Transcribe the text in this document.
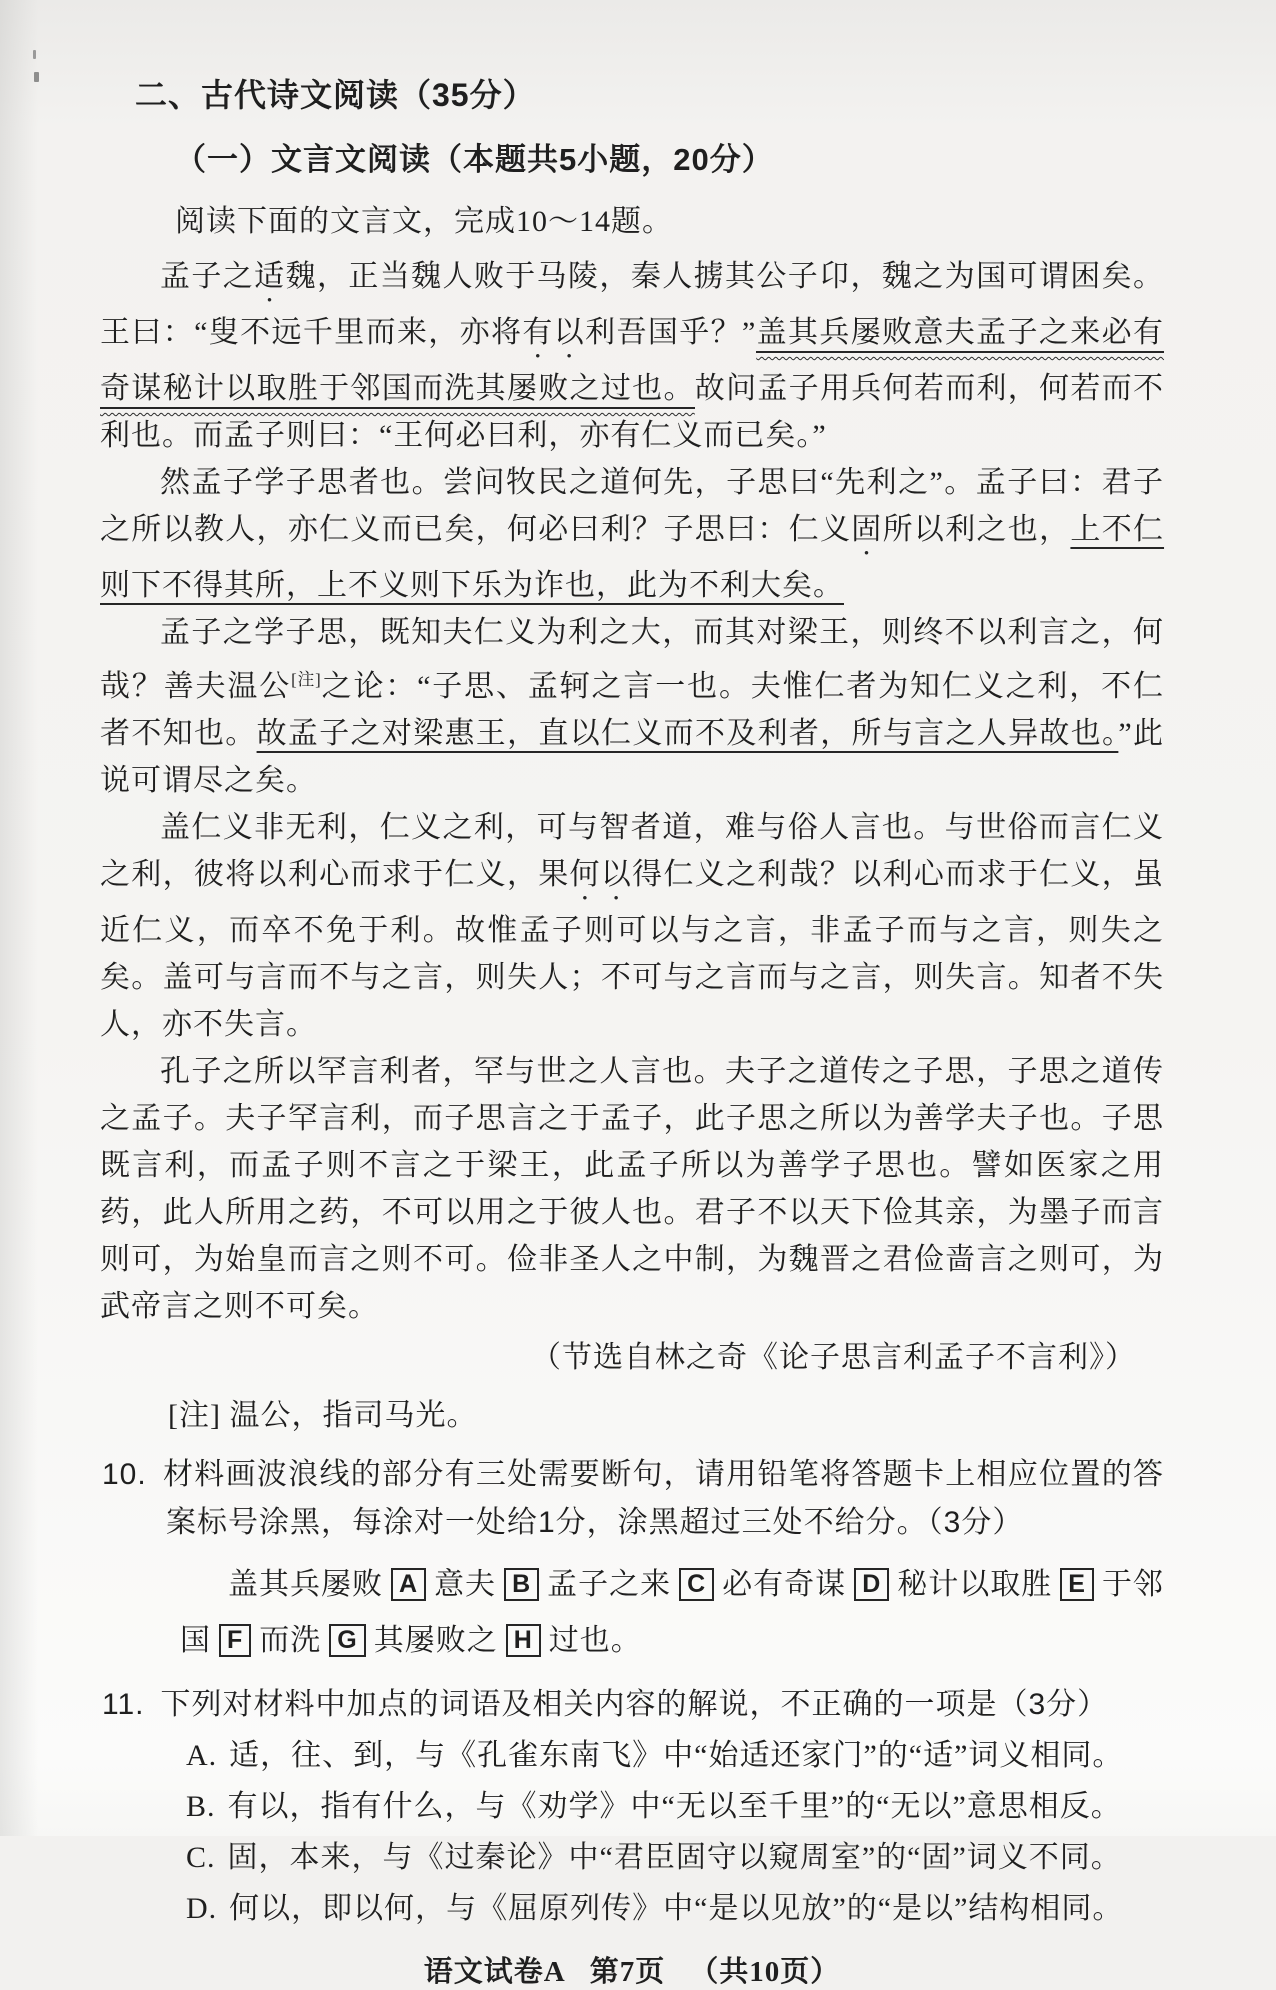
二、古代诗文阅读（35分）
（一）文言文阅读（本题共5小题，20分）
阅读下面的文言文，完成10～14题。

孟子之适魏，正当魏人败于马陵，秦人掳其公子卬，魏之为国可谓困矣。王曰：“叟不远千里而来，亦将有以利吾国乎？”盖其兵屡败意夫孟子之来必有奇谋秘计以取胜于邻国而洗其屡败之过也。故问孟子用兵何若而利，何若而不利也。而孟子则曰：“王何必曰利，亦有仁义而已矣。”

然孟子学子思者也。尝问牧民之道何先，子思曰“先利之”。孟子曰：君子之所以教人，亦仁义而已矣，何必曰利？子思曰：仁义固所以利之也，上不仁则下不得其所，上不义则下乐为诈也，此为不利大矣。

孟子之学子思，既知夫仁义为利之大，而其对梁王，则终不以利言之，何哉？善夫温公[注]之论：“子思、孟轲之言一也。夫惟仁者为知仁义之利，不仁者不知也。故孟子之对梁惠王，直以仁义而不及利者，所与言之人异故也。”此说可谓尽之矣。

盖仁义非无利，仁义之利，可与智者道，难与俗人言也。与世俗而言仁义之利，彼将以利心而求于仁义，果何以得仁义之利哉？以利心而求于仁义，虽近仁义，而卒不免于利。故惟孟子则可以与之言，非孟子而与之言，则失之矣。盖可与言而不与之言，则失人；不可与之言而与之言，则失言。知者不失人，亦不失言。

孔子之所以罕言利者，罕与世之人言也。夫子之道传之子思，子思之道传之孟子。夫子罕言利，而子思言之于孟子，此子思之所以为善学夫子也。子思既言利，而孟子则不言之于梁王，此孟子所以为善学子思也。譬如医家之用药，此人所用之药，不可以用之于彼人也。君子不以天下俭其亲，为墨子而言则可，为始皇而言之则不可。俭非圣人之中制，为魏晋之君俭啬言之则可，为武帝言之则不可矣。

（节选自林之奇《论子思言利孟子不言利》）
[注] 温公，指司马光。
10. 材料画波浪线的部分有三处需要断句，请用铅笔将答题卡上相应位置的答案标号涂黑，每涂对一处给1分，涂黑超过三处不给分。（3分）
盖其兵屡败 A 意夫 B 孟子之来 C 必有奇谋 D 秘计以取胜 E 于邻国 F 而洗 G 其屡败之 H 过也。
11. 下列对材料中加点的词语及相关内容的解说，不正确的一项是（3分）
A. 适，往、到，与《孔雀东南飞》中“始适还家门”的“适”词义相同。
B. 有以，指有什么，与《劝学》中“无以至千里”的“无以”意思相反。
C. 固，本来，与《过秦论》中“君臣固守以窥周室”的“固”词义不同。
D. 何以，即以何，与《屈原列传》中“是以见放”的“是以”结构相同。
语文试卷A 第7页 （共10页）
